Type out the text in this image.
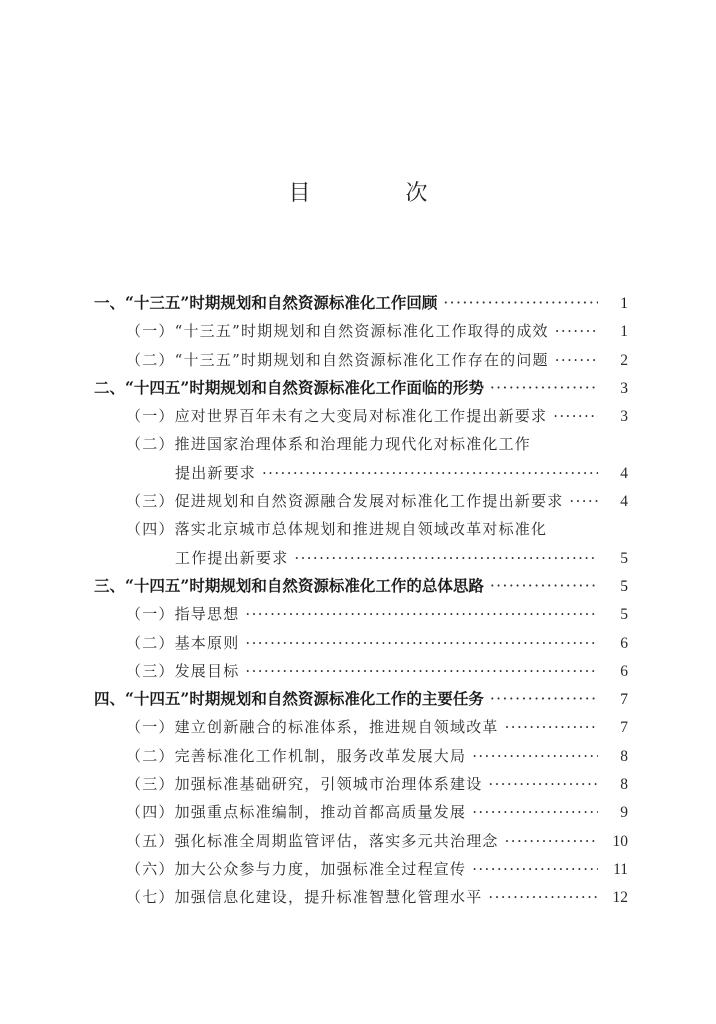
目 次
一、“十三五”时期规划和自然资源标准化工作回顾 ·····	1
（一）“十三五”时期规划和自然资源标准化工作取得的成效 ·····	1
（二）“十三五”时期规划和自然资源标准化工作存在的问题 ·····	2
二、“十四五”时期规划和自然资源标准化工作面临的形势 ·····	3
（一）应对世界百年未有之大变局对标准化工作提出新要求 ·····	3
（二）推进国家治理体系和治理能力现代化对标准化工作
提出新要求 ·····	4
（三）促进规划和自然资源融合发展对标准化工作提出新要求 ·····	4
（四）落实北京城市总体规划和推进规自领域改革对标准化
工作提出新要求 ·····	5
三、“十四五”时期规划和自然资源标准化工作的总体思路 ·····	5
（一）指导思想 ·····	5
（二）基本原则 ·····	6
（三）发展目标 ·····	6
四、“十四五”时期规划和自然资源标准化工作的主要任务 ·····	7
（一）建立创新融合的标准体系，推进规自领域改革 ·····	7
（二）完善标准化工作机制，服务改革发展大局 ·····	8
（三）加强标准基础研究，引领城市治理体系建设 ·····	8
（四）加强重点标准编制，推动首都高质量发展 ·····	9
（五）强化标准全周期监管评估，落实多元共治理念 ·····	10
（六）加大公众参与力度，加强标准全过程宣传 ·····	11
（七）加强信息化建设，提升标准智慧化管理水平 ·····	12
